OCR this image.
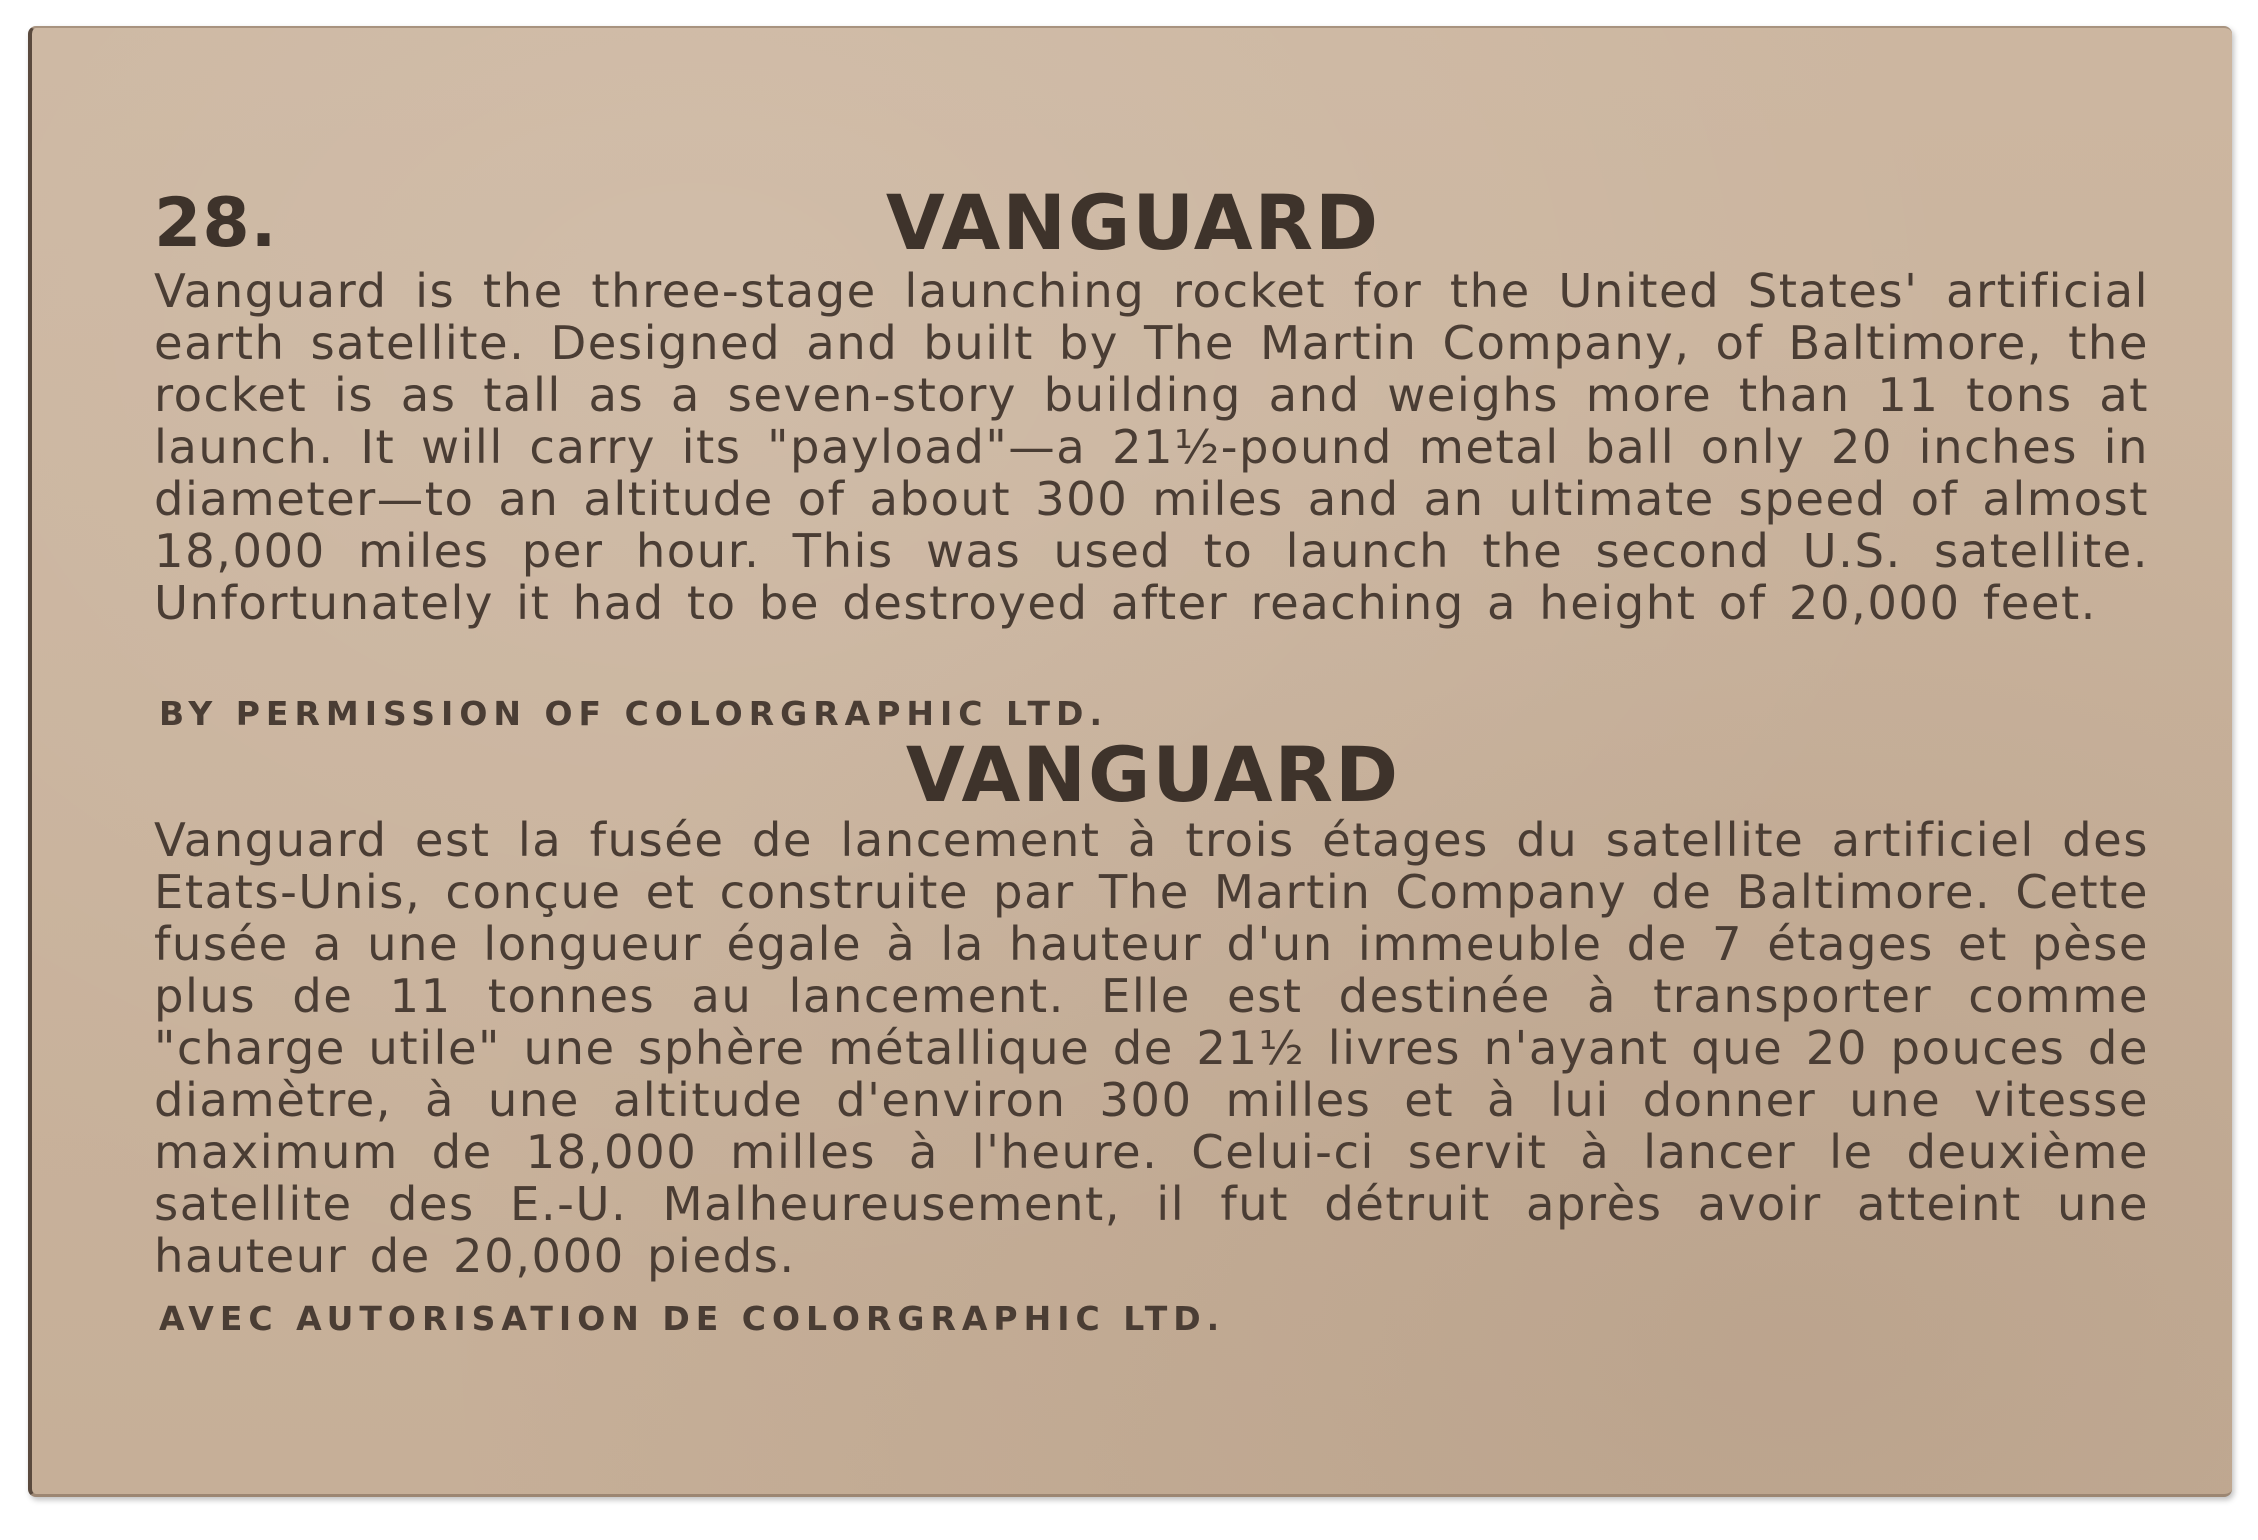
28.	VANGUARD

Vanguard is the three-stage launching rocket for the United States' artificial earth satellite. Designed and built by The Martin Company, of Baltimore, the rocket is as tall as a seven-story building and weighs more than 11 tons at launch. It will carry its "payload"—a 21½-pound metal ball only 20 inches in diameter—to an altitude of about 300 miles and an ultimate speed of almost 18,000 miles per hour. This was used to launch the second U.S. satellite. Unfortunately it had to be destroyed after reaching a height of 20,000 feet.

BY PERMISSION OF COLORGRAPHIC LTD.
VANGUARD

Vanguard est la fusée de lancement à trois étages du satellite artificiel des Etats-Unis, conçue et construite par The Martin Company de Baltimore. Cette fusée a une longueur égale à la hauteur d'un immeuble de 7 étages et pèse plus de 11 tonnes au lancement. Elle est destinée à transporter comme "charge utile" une sphère métallique de 21½ livres n'ayant que 20 pouces de diamètre, à une altitude d'environ 300 milles et à lui donner une vitesse maximum de 18,000 milles à l'heure. Celui-ci servit à lancer le deuxième satellite des E.-U. Malheureusement, il fut détruit après avoir atteint une hauteur de 20,000 pieds.

AVEC AUTORISATION DE COLORGRAPHIC LTD.
